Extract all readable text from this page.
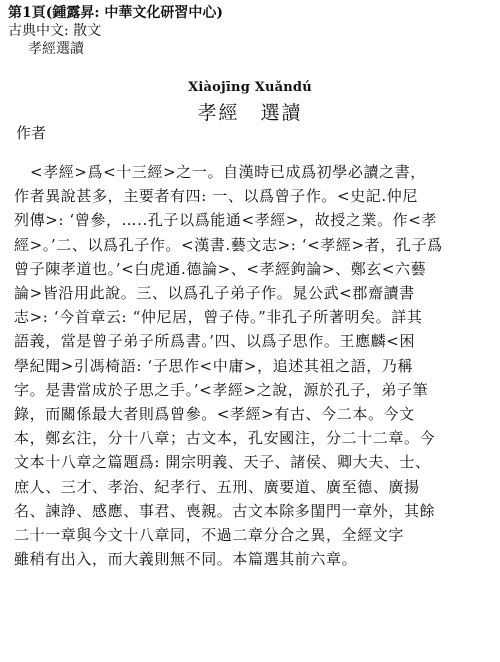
第1頁(鍾露昇: 中華文化研習中心)
古典中文: 散文
孝經選讀
Xiàojīng Xuǎndú
孝經　選讀
作者
<孝經>爲<十三經>之一。自漢時已成爲初學必讀之書，
作者異說甚多，主要者有四: 一、以爲曾子作。<史記.仲尼
列傳>: ‘曾參，…..孔子以爲能通<孝經>，故授之業。作<孝
經>。’二、以爲孔子作。<漢書.藝文志>: ‘<孝經>者，孔子爲
曾子陳孝道也。’<白虎通.德論>、<孝經鉤論>、鄭玄<六藝
論>皆沿用此說。三、以爲孔子弟子作。晁公武<郡齋讀書
志>: ‘今首章云: “仲尼居，曾子侍。”非孔子所著明矣。詳其
語義，當是曾子弟子所爲書。’四、以爲子思作。王應麟<困
學紀聞>引馮椅語: ‘子思作<中庸>，追述其祖之語，乃稱
字。是書當成於子思之手。’<孝經>之說，源於孔子，弟子筆
錄，而關係最大者則爲曾參。<孝經>有古、今二本。今文
本，鄭玄注，分十八章；古文本，孔安國注，分二十二章。今
文本十八章之篇題爲: 開宗明義、天子、諸侯、卿大夫、士、
庶人、三才、孝治、紀孝行、五刑、廣要道、廣至德、廣揚
名、諫諍、感應、事君、喪親。古文本除多閨門一章外，其餘
二十一章與今文十八章同，不過二章分合之異，全經文字
雖稍有出入，而大義則無不同。本篇選其前六章。
